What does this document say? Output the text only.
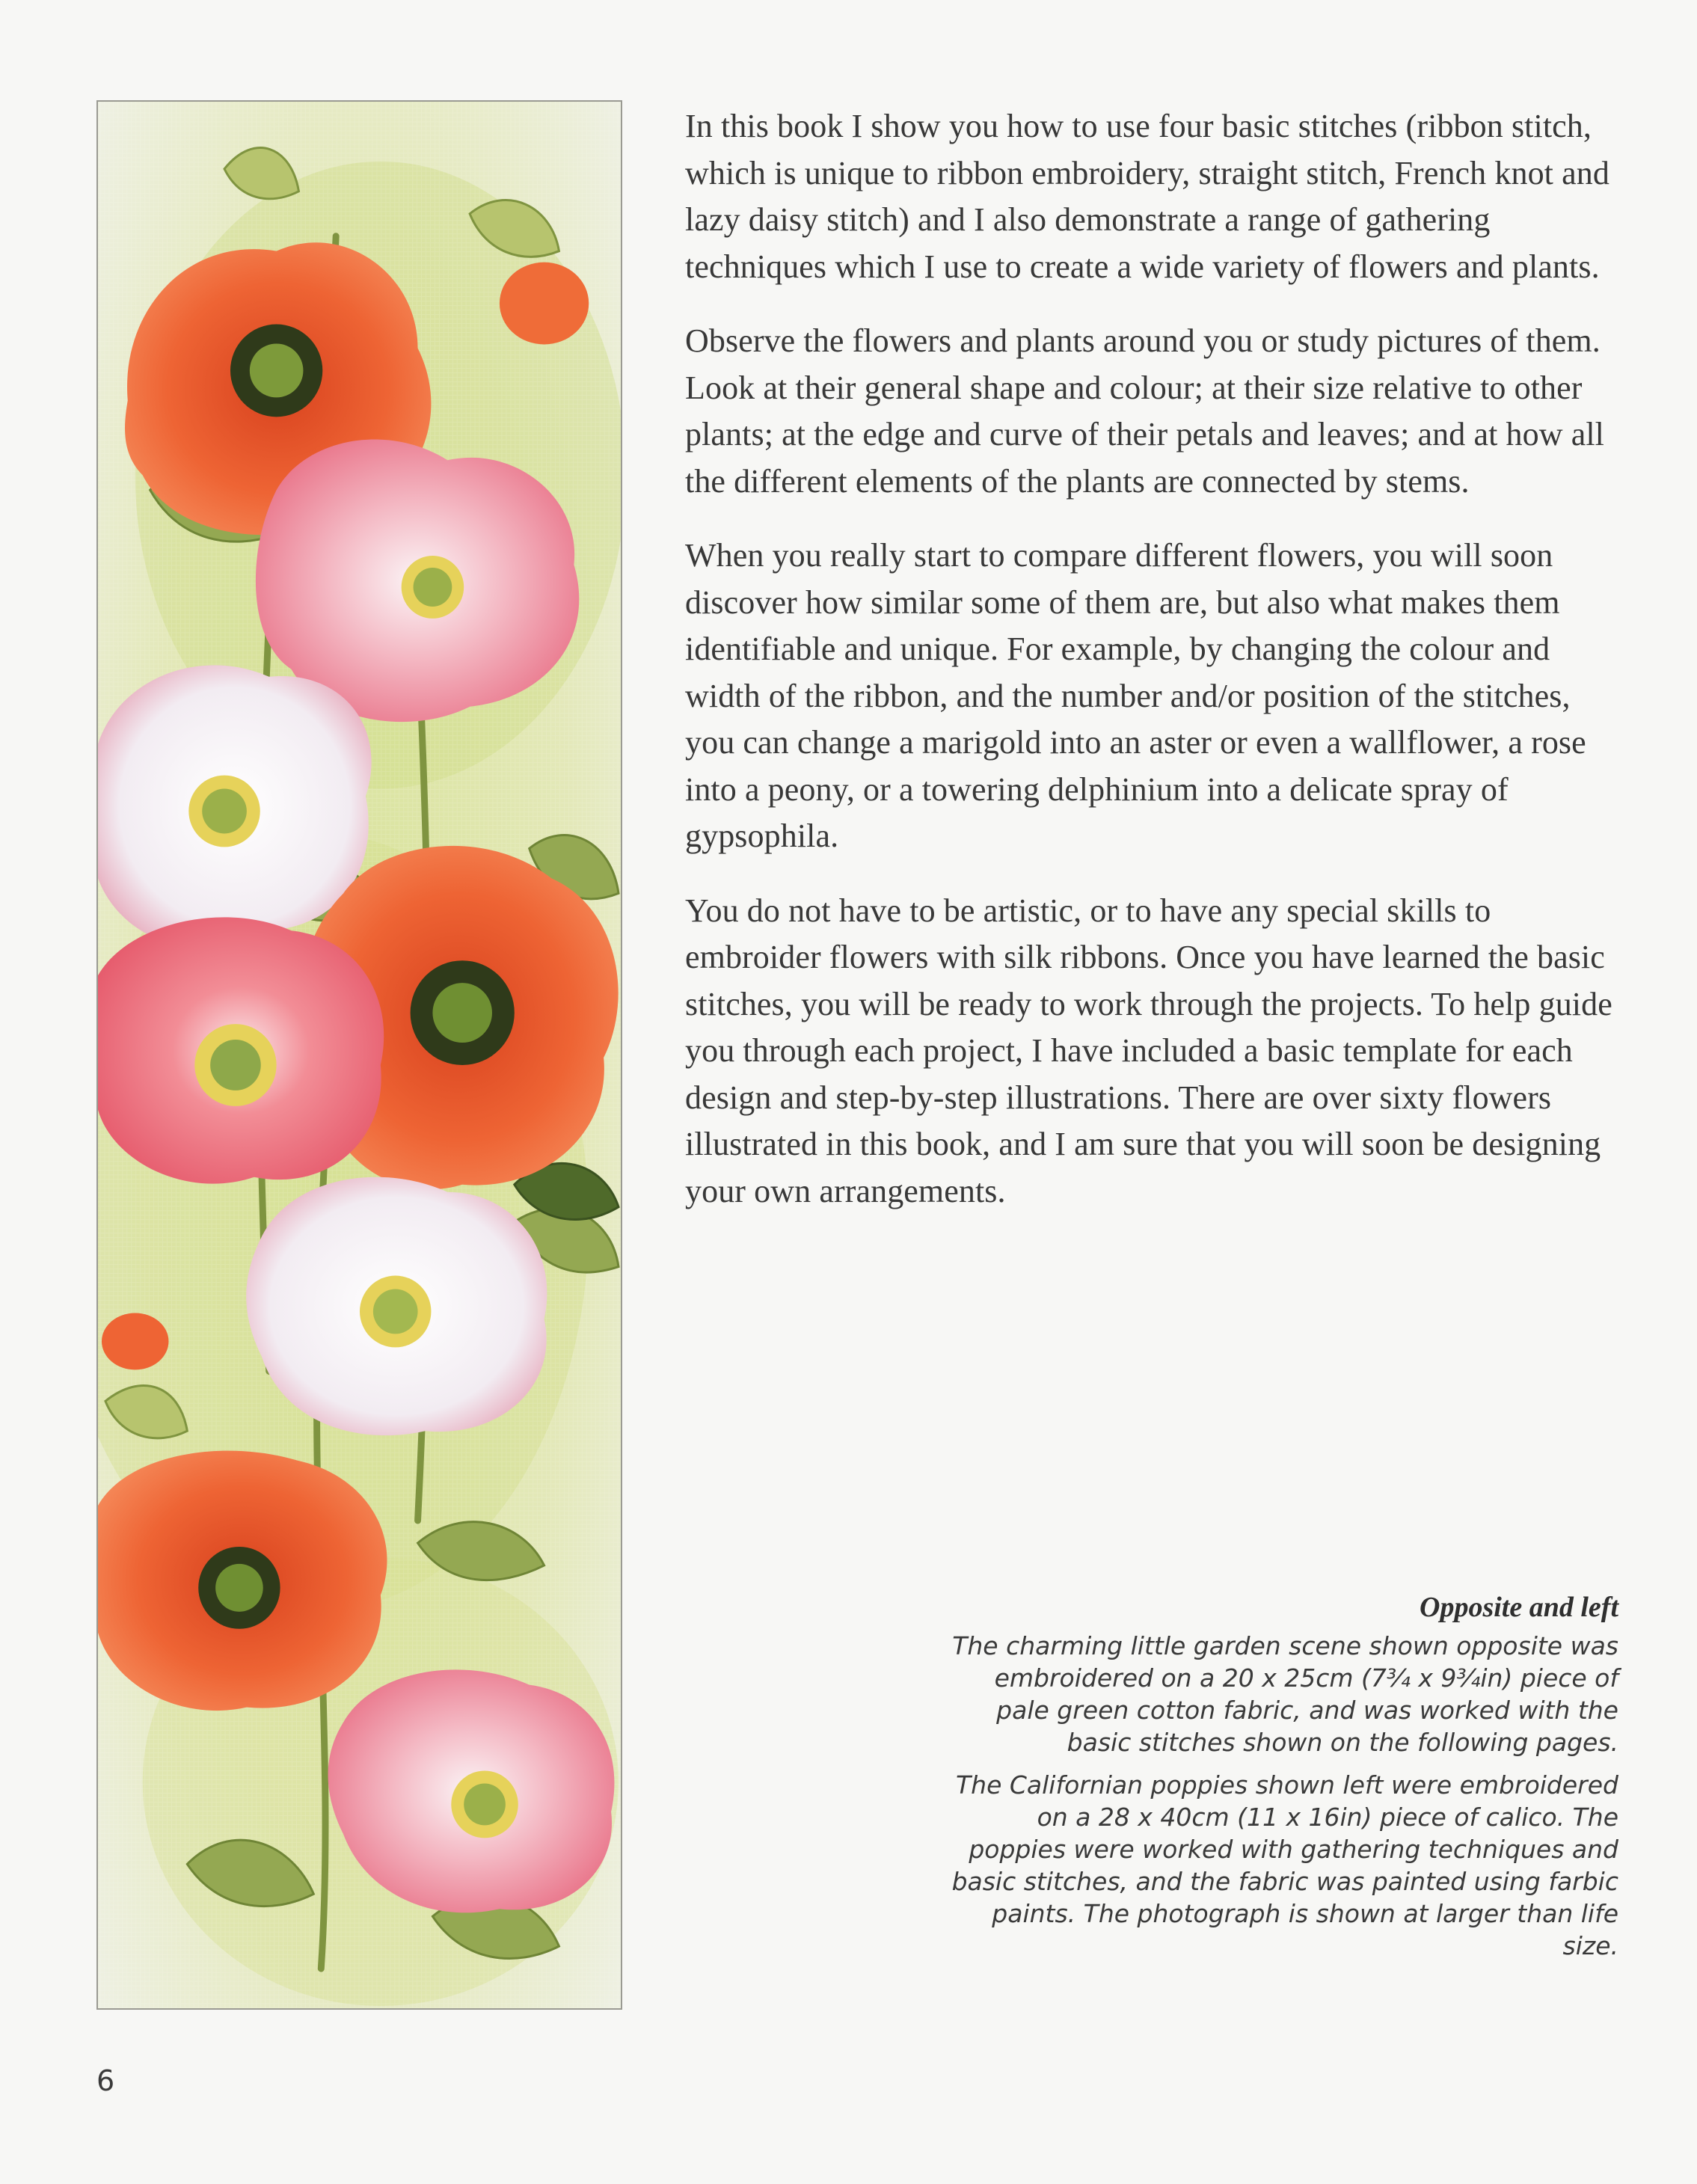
In this book I show you how to use four basic stitches (ribbon stitch, which is unique to ribbon embroidery, straight stitch, French knot and lazy daisy stitch) and I also demonstrate a range of gathering techniques which I use to create a wide variety of flowers and plants.

Observe the flowers and plants around you or study pictures of them. Look at their general shape and colour; at their size relative to other plants; at the edge and curve of their petals and leaves; and at how all the different elements of the plants are connected by stems.

When you really start to compare different flowers, you will soon discover how similar some of them are, but also what makes them identifiable and unique. For example, by changing the colour and width of the ribbon, and the number and/or position of the stitches, you can change a marigold into an aster or even a wallflower, a rose into a peony, or a towering delphinium into a delicate spray of gypsophila.

You do not have to be artistic, or to have any special skills to embroider flowers with silk ribbons. Once you have learned the basic stitches, you will be ready to work through the projects. To help guide you through each project, I have included a basic template for each design and step-by-step illustrations. There are over sixty flowers illustrated in this book, and I am sure that you will soon be designing your own arrangements.

Opposite and left

The charming little garden scene shown opposite was embroidered on a 20 x 25cm (7¾ x 9¾in) piece of pale green cotton fabric, and was worked with the basic stitches shown on the following pages.

The Californian poppies shown left were embroidered on a 28 x 40cm (11 x 16in) piece of calico. The poppies were worked with gathering techniques and basic stitches, and the fabric was painted using farbic paints. The photograph is shown at larger than life size.

6
